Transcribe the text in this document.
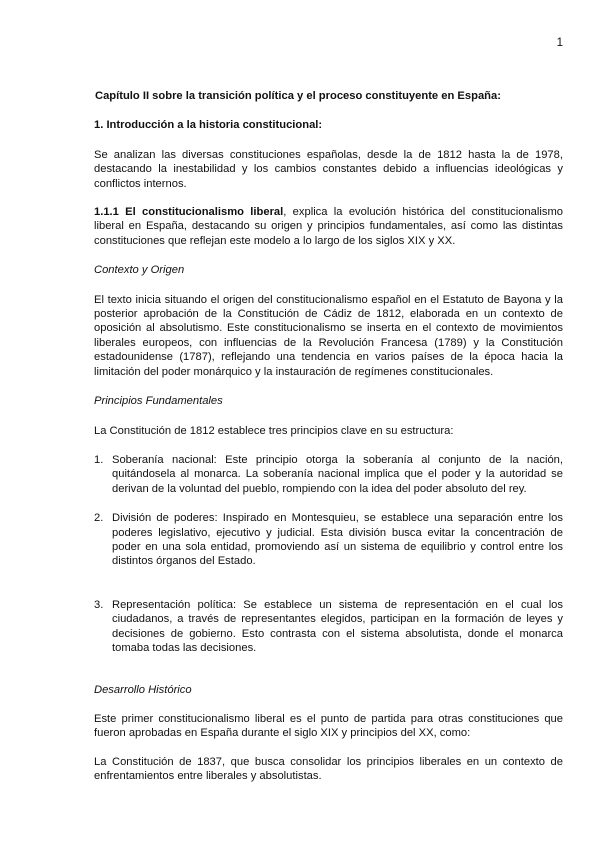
1

Capítulo II sobre la transición política y el proceso constituyente en España:

1. Introducción a la historia constitucional:

Se analizan las diversas constituciones españolas, desde la de 1812 hasta la de 1978, destacando la inestabilidad y los cambios constantes debido a influencias ideológicas y conflictos internos.

1.1.1 El constitucionalismo liberal, explica la evolución histórica del constitucionalismo liberal en España, destacando su origen y principios fundamentales, así como las distintas constituciones que reflejan este modelo a lo largo de los siglos XIX y XX.

Contexto y Origen

El texto inicia situando el origen del constitucionalismo español en el Estatuto de Bayona y la posterior aprobación de la Constitución de Cádiz de 1812, elaborada en un contexto de oposición al absolutismo. Este constitucionalismo se inserta en el contexto de movimientos liberales europeos, con influencias de la Revolución Francesa (1789) y la Constitución estadounidense (1787), reflejando una tendencia en varios países de la época hacia la limitación del poder monárquico y la instauración de regímenes constitucionales.

Principios Fundamentales

La Constitución de 1812 establece tres principios clave en su estructura:

1. Soberanía nacional: Este principio otorga la soberanía al conjunto de la nación, quitándosela al monarca. La soberanía nacional implica que el poder y la autoridad se derivan de la voluntad del pueblo, rompiendo con la idea del poder absoluto del rey.
2. División de poderes: Inspirado en Montesquieu, se establece una separación entre los poderes legislativo, ejecutivo y judicial. Esta división busca evitar la concentración de poder en una sola entidad, promoviendo así un sistema de equilibrio y control entre los distintos órganos del Estado.
3. Representación política: Se establece un sistema de representación en el cual los ciudadanos, a través de representantes elegidos, participan en la formación de leyes y decisiones de gobierno. Esto contrasta con el sistema absolutista, donde el monarca tomaba todas las decisiones.

Desarrollo Histórico

Este primer constitucionalismo liberal es el punto de partida para otras constituciones que fueron aprobadas en España durante el siglo XIX y principios del XX, como:

La Constitución de 1837, que busca consolidar los principios liberales en un contexto de enfrentamientos entre liberales y absolutistas.
